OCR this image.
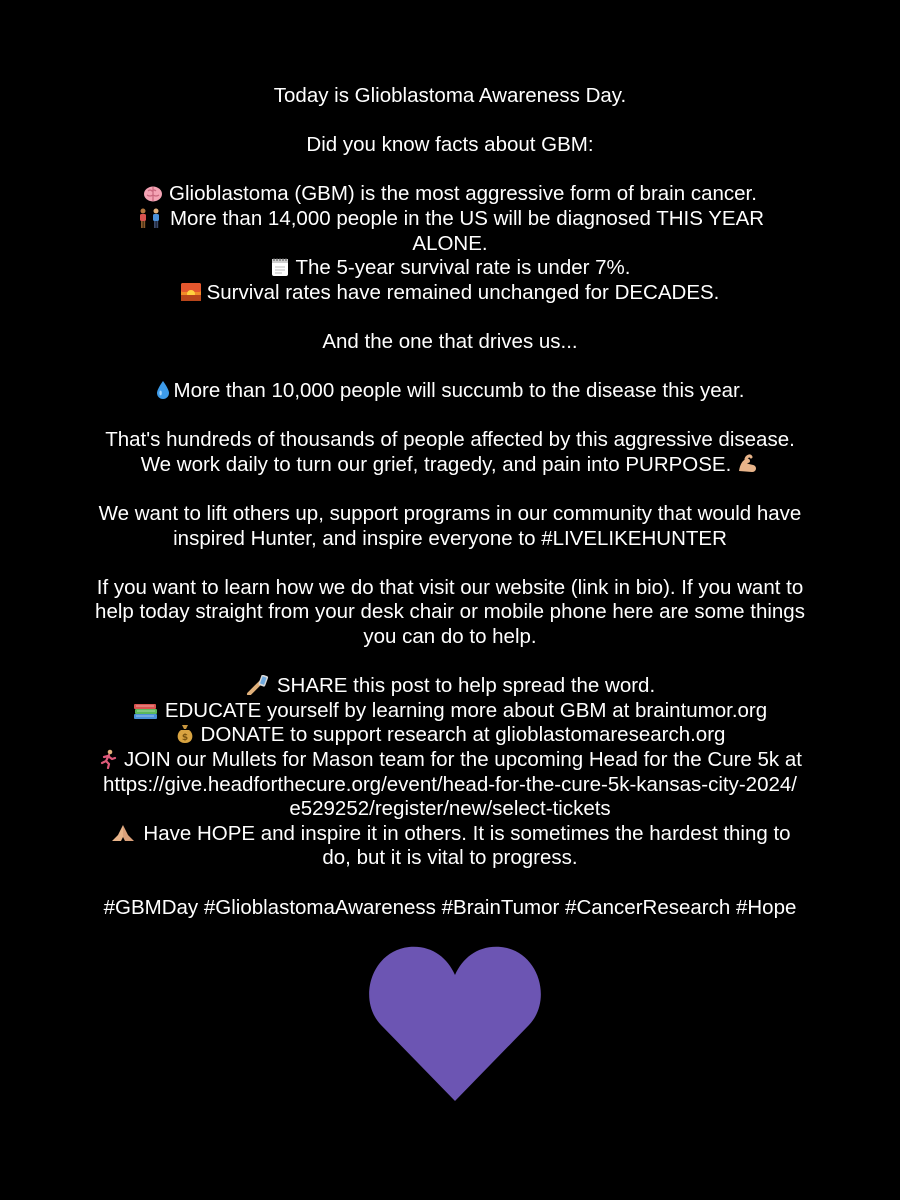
Today is Glioblastoma Awareness Day.
Did you know facts about GBM:
Glioblastoma (GBM) is the most aggressive form of brain cancer.
More than 14,000 people in the US will be diagnosed THIS YEAR
ALONE.
The 5-year survival rate is under 7%.
Survival rates have remained unchanged for DECADES.
And the one that drives us...
More than 10,000 people will succumb to the disease this year.
That's hundreds of thousands of people affected by this aggressive disease.
We work daily to turn our grief, tragedy, and pain into PURPOSE.
We want to lift others up, support programs in our community that would have
inspired Hunter, and inspire everyone to #LIVELIKEHUNTER
If you want to learn how we do that visit our website (link in bio). If you want to
help today straight from your desk chair or mobile phone here are some things
you can do to help.
SHARE this post to help spread the word.
EDUCATE yourself by learning more about GBM at braintumor.org
$ DONATE to support research at glioblastomaresearch.org
JOIN our Mullets for Mason team for the upcoming Head for the Cure 5k at
https://give.headforthecure.org/event/head-for-the-cure-5k-kansas-city-2024/
e529252/register/new/select-tickets
Have HOPE and inspire it in others. It is sometimes the hardest thing to
do, but it is vital to progress.
#GBMDay #GlioblastomaAwareness #BrainTumor #CancerResearch #Hope
